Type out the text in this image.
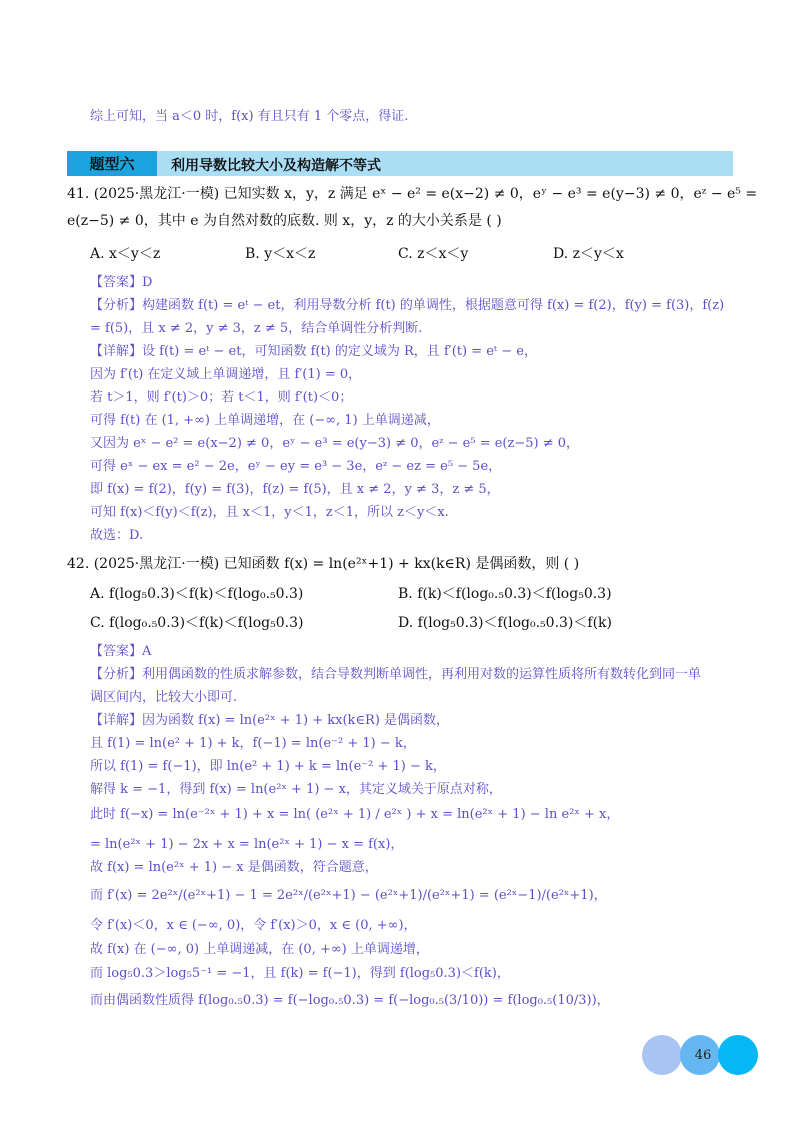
综上可知，当 a＜0 时，f(x) 有且只有 1 个零点，得证.
题型六	利用导数比较大小及构造解不等式
41. (2025·黑龙江·一模) 已知实数 x，y，z 满足 eˣ − e² = e(x−2) ≠ 0，eʸ − e³ = e(y−3) ≠ 0，eᶻ − e⁵ =
e(z−5) ≠ 0，其中 e 为自然对数的底数. 则 x，y，z 的大小关系是 ( )
A. x＜y＜z	B. y＜x＜z	C. z＜x＜y	D. z＜y＜x
【答案】D
【分析】构建函数 f(t) = eᵗ − et，利用导数分析 f(t) 的单调性，根据题意可得 f(x) = f(2)，f(y) = f(3)，f(z)
= f(5)，且 x ≠ 2，y ≠ 3，z ≠ 5，结合单调性分析判断.
【详解】设 f(t) = eᵗ − et，可知函数 f(t) 的定义域为 R，且 f′(t) = eᵗ − e，
因为 f′(t) 在定义域上单调递增，且 f′(1) = 0，
若 t＞1，则 f′(t)＞0；若 t＜1，则 f′(t)＜0；
可得 f(t) 在 (1, +∞) 上单调递增，在 (−∞, 1) 上单调递减，
又因为 eˣ − e² = e(x−2) ≠ 0，eʸ − e³ = e(y−3) ≠ 0，eᶻ − e⁵ = e(z−5) ≠ 0，
可得 eˣ − ex = e² − 2e，eʸ − ey = e³ − 3e，eᶻ − ez = e⁵ − 5e，
即 f(x) = f(2)，f(y) = f(3)，f(z) = f(5)，且 x ≠ 2，y ≠ 3，z ≠ 5，
可知 f(x)＜f(y)＜f(z)，且 x＜1，y＜1，z＜1，所以 z＜y＜x.
故选：D.
42. (2025·黑龙江·一模) 已知函数 f(x) = ln(e²ˣ+1) + kx(k∈R) 是偶函数，则 ( )
A. f(log₅0.3)＜f(k)＜f(log₀.₅0.3)	B. f(k)＜f(log₀.₅0.3)＜f(log₅0.3)
C. f(log₀.₅0.3)＜f(k)＜f(log₅0.3)	D. f(log₅0.3)＜f(log₀.₅0.3)＜f(k)
【答案】A
【分析】利用偶函数的性质求解参数，结合导数判断单调性，再利用对数的运算性质将所有数转化到同一单
调区间内，比较大小即可.
【详解】因为函数 f(x) = ln(e²ˣ + 1) + kx(k∈R) 是偶函数，
且 f(1) = ln(e² + 1) + k，f(−1) = ln(e⁻² + 1) − k，
所以 f(1) = f(−1)，即 ln(e² + 1) + k = ln(e⁻² + 1) − k，
解得 k = −1，得到 f(x) = ln(e²ˣ + 1) − x，其定义域关于原点对称，
此时 f(−x) = ln(e⁻²ˣ + 1) + x = ln( (e²ˣ + 1) / e²ˣ ) + x = ln(e²ˣ + 1) − ln e²ˣ + x，
= ln(e²ˣ + 1) − 2x + x = ln(e²ˣ + 1) − x = f(x)，
故 f(x) = ln(e²ˣ + 1) − x 是偶函数，符合题意，
而 f′(x) = 2e²ˣ/(e²ˣ+1) − 1 = 2e²ˣ/(e²ˣ+1) − (e²ˣ+1)/(e²ˣ+1) = (e²ˣ−1)/(e²ˣ+1)，
令 f′(x)＜0，x ∈ (−∞, 0)，令 f′(x)＞0，x ∈ (0, +∞)，
故 f(x) 在 (−∞, 0) 上单调递减，在 (0, +∞) 上单调递增，
而 log₅0.3＞log₅5⁻¹ = −1，且 f(k) = f(−1)，得到 f(log₅0.3)＜f(k)，
而由偶函数性质得 f(log₀.₅0.3) = f(−log₀.₅0.3) = f(−log₀.₅(3/10)) = f(log₀.₅(10/3))，
46
